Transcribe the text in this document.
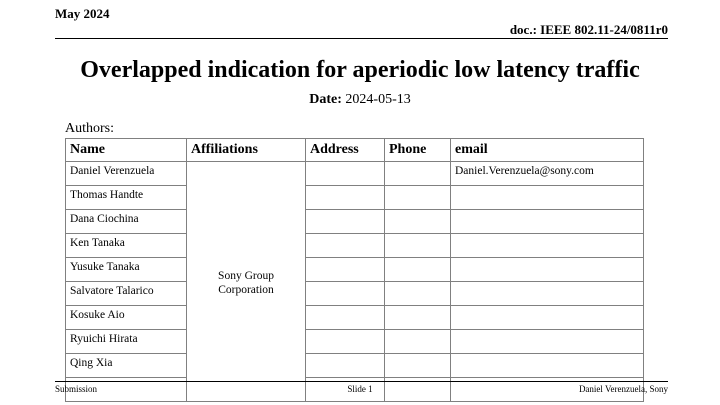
May 2024
doc.: IEEE 802.11-24/0811r0
Overlapped indication for aperiodic low latency traffic
Date: 2024-05-13
Authors:
Name	Affiliations	Address	Phone	email
Daniel Verenzuela	Sony Group Corporation			Daniel.Verenzuela@sony.com
Thomas Handte				
Dana Ciochina				
Ken Tanaka				
Yusuke Tanaka				
Salvatore Talarico				
Kosuke Aio				
Ryuichi Hirata				
Qing Xia				

Submission	Slide 1	Daniel Verenzuela, Sony
